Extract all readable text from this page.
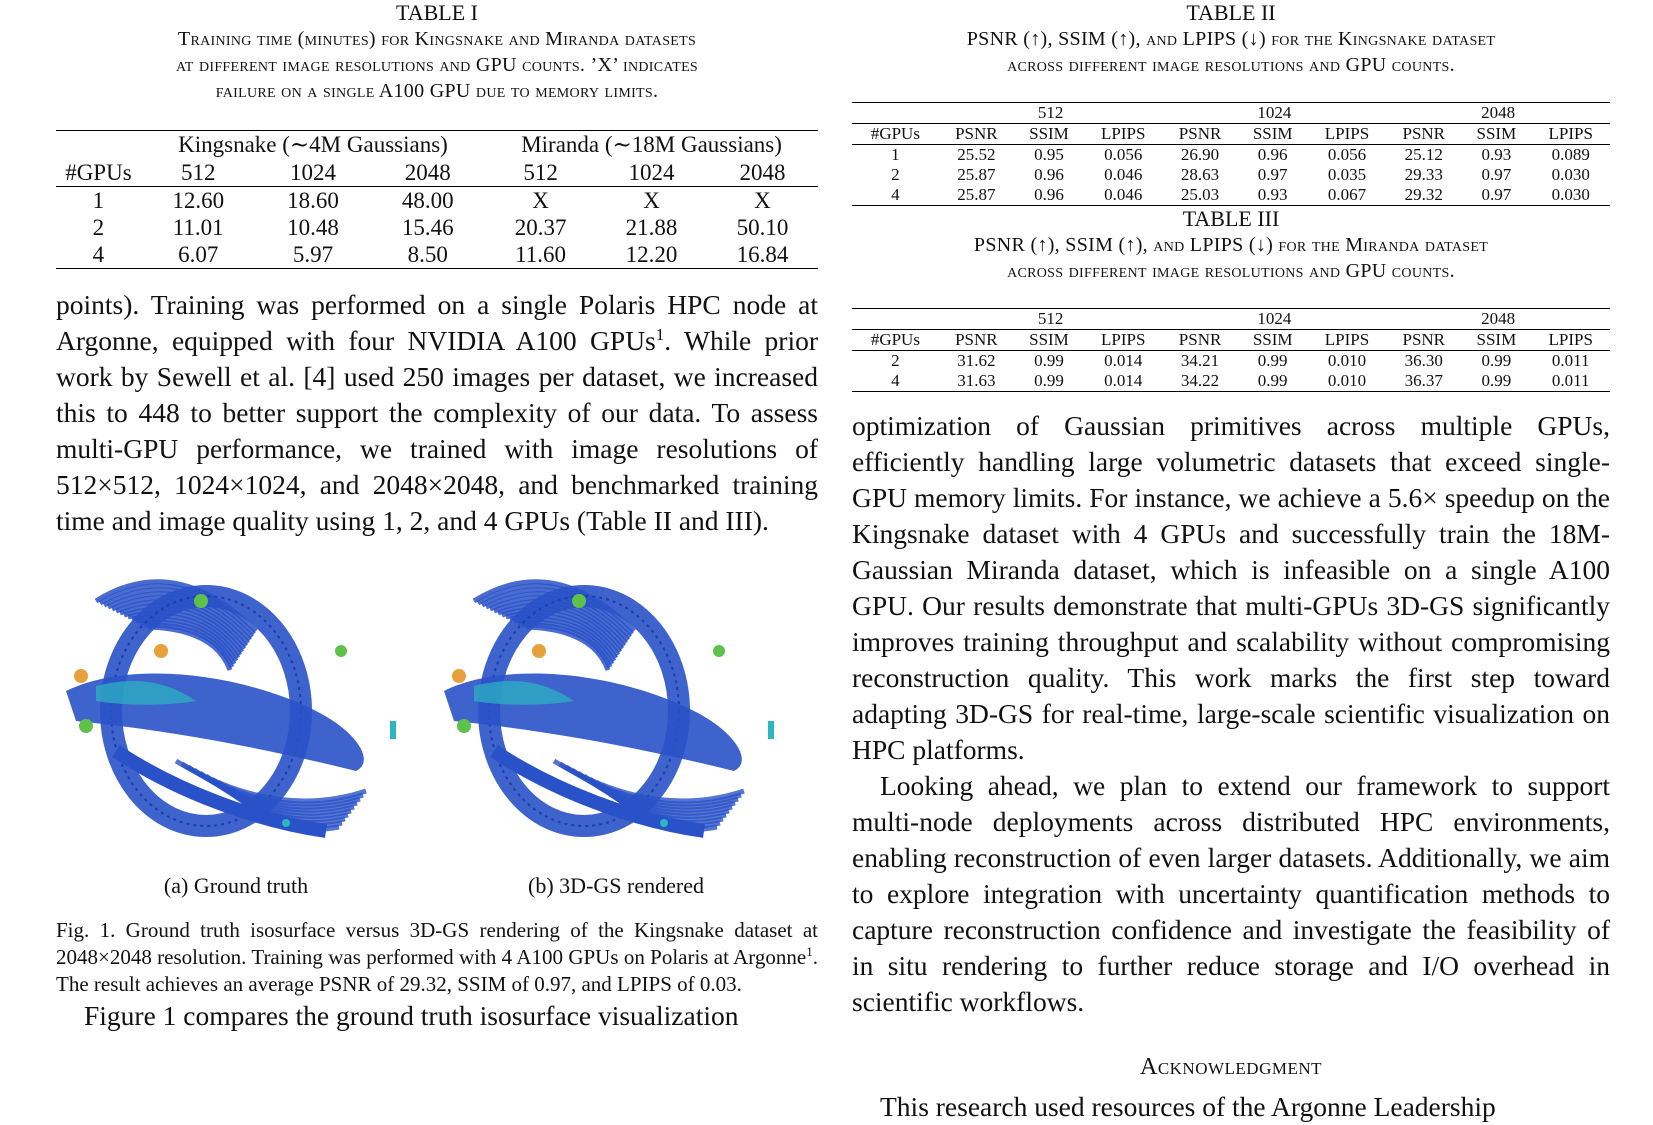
TABLE I
Training time (minutes) for Kingsnake and Miranda datasets
at different image resolutions and GPU counts. ’X’ indicates
failure on a single A100 GPU due to memory limits.
	Kingsnake (∼4M Gaussians)			Miranda (∼18M Gaussians)		
#GPUs	512	1024	2048	512	1024	2048
1	12.60	18.60	48.00	X	X	X
2	11.01	10.48	15.46	20.37	21.88	50.10
4	6.07	5.97	8.50	11.60	12.20	16.84

points). Training was performed on a single Polaris HPC node at Argonne, equipped with four NVIDIA A100 GPUs$^1$. While prior work by Sewell et al. [4] used 250 images per dataset, we increased this to 448 to better support the complexity of our data. To assess multi-GPU performance, we trained with image resolutions of 512×512, 1024×1024, and 2048×2048, and benchmarked training time and image quality using 1, 2, and 4 GPUs (Table II and III).

(a) Ground truth	(b) 3D-GS rendered
Fig. 1. Ground truth isosurface versus 3D-GS rendering of the Kingsnake dataset at 2048×2048 resolution. Training was performed with 4 A100 GPUs on Polaris at Argonne$^1$. The result achieves an average PSNR of 29.32, SSIM of 0.97, and LPIPS of 0.03.
Figure 1 compares the ground truth isosurface visualization
TABLE II
PSNR (↑), SSIM (↑), and LPIPS (↓) for the Kingsnake dataset
across different image resolutions and GPU counts.
	512			1024			2048		
#GPUs	PSNR	SSIM	LPIPS	PSNR	SSIM	LPIPS	PSNR	SSIM	LPIPS
1	25.52	0.95	0.056	26.90	0.96	0.056	25.12	0.93	0.089
2	25.87	0.96	0.046	28.63	0.97	0.035	29.33	0.97	0.030
4	25.87	0.96	0.046	25.03	0.93	0.067	29.32	0.97	0.030
TABLE III
PSNR (↑), SSIM (↑), and LPIPS (↓) for the Miranda dataset
across different image resolutions and GPU counts.
	512			1024			2048		
#GPUs	PSNR	SSIM	LPIPS	PSNR	SSIM	LPIPS	PSNR	SSIM	LPIPS
2	31.62	0.99	0.014	34.21	0.99	0.010	36.30	0.99	0.011
4	31.63	0.99	0.014	34.22	0.99	0.010	36.37	0.99	0.011
optimization of Gaussian primitives across multiple GPUs, efficiently handling large volumetric datasets that exceed single-GPU memory limits. For instance, we achieve a 5.6× speedup on the Kingsnake dataset with 4 GPUs and successfully train the 18M-Gaussian Miranda dataset, which is infeasible on a single A100 GPU. Our results demonstrate that multi-GPUs 3D-GS significantly improves training throughput and scalability without compromising reconstruction quality. This work marks the first step toward adapting 3D-GS for real-time, large-scale scientific visualization on HPC platforms.
Looking ahead, we plan to extend our framework to support multi-node deployments across distributed HPC environments, enabling reconstruction of even larger datasets. Additionally, we aim to explore integration with uncertainty quantification methods to capture reconstruction confidence and investigate the feasibility of in situ rendering to further reduce storage and I/O overhead in scientific workflows.
Acknowledgment
This research used resources of the Argonne Leadership
